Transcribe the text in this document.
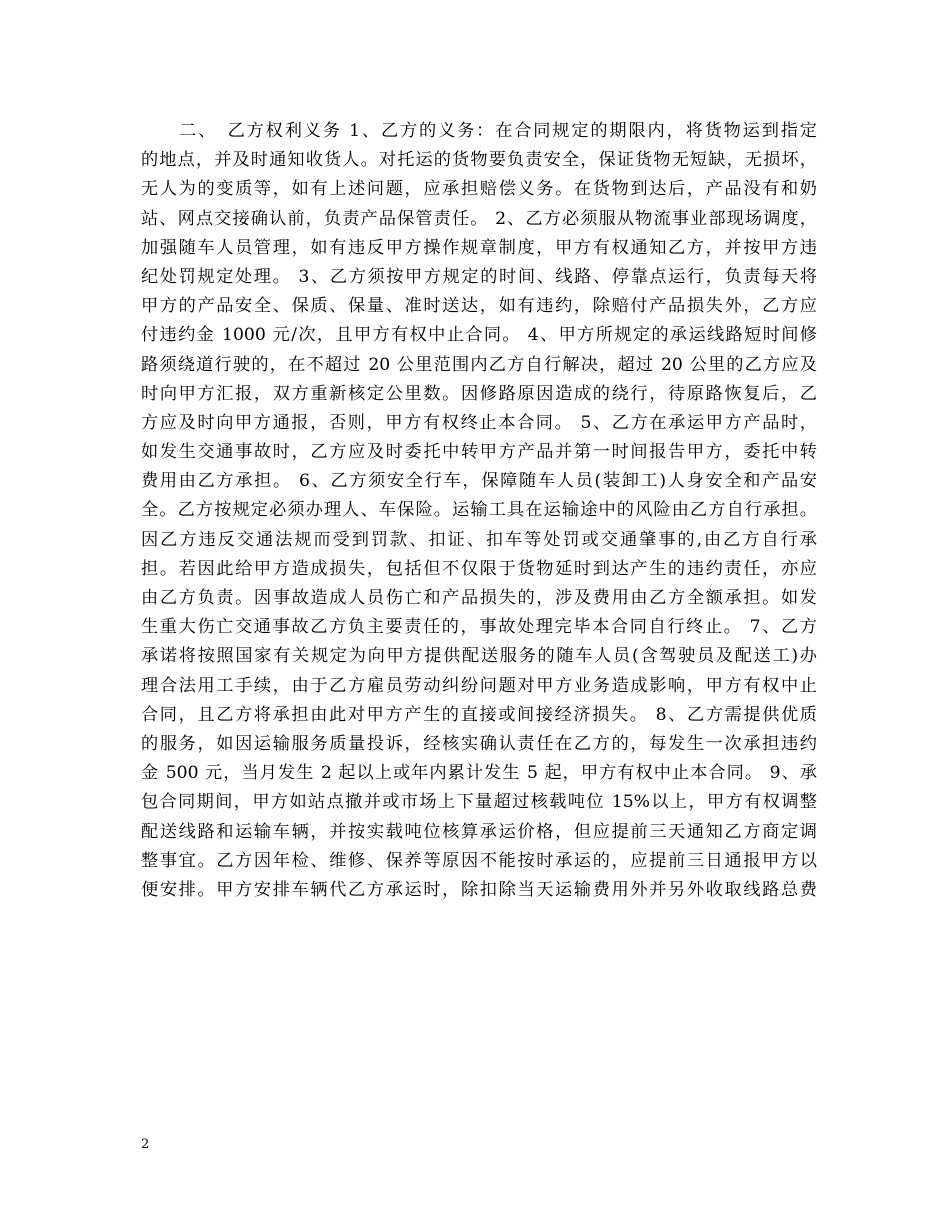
　　二、　乙方权利义务 1、乙方的义务：在合同规定的期限内，将货物运到指定
的地点，并及时通知收货人。对托运的货物要负责安全，保证货物无短缺，无损坏，
无人为的变质等，如有上述问题，应承担赔偿义务。在货物到达后，产品没有和奶
站、网点交接确认前，负责产品保管责任。 2、乙方必须服从物流事业部现场调度，
加强随车人员管理，如有违反甲方操作规章制度，甲方有权通知乙方，并按甲方违
纪处罚规定处理。 3、乙方须按甲方规定的时间、线路、停靠点运行，负责每天将
甲方的产品安全、保质、保量、准时送达，如有违约，除赔付产品损失外，乙方应
付违约金 1000 元/次，且甲方有权中止合同。 4、甲方所规定的承运线路短时间修
路须绕道行驶的，在不超过 20 公里范围内乙方自行解决，超过 20 公里的乙方应及
时向甲方汇报，双方重新核定公里数。因修路原因造成的绕行，待原路恢复后，乙
方应及时向甲方通报，否则，甲方有权终止本合同。 5、乙方在承运甲方产品时，
如发生交通事故时，乙方应及时委托中转甲方产品并第一时间报告甲方，委托中转
费用由乙方承担。 6、乙方须安全行车，保障随车人员(装卸工)人身安全和产品安
全。乙方按规定必须办理人、车保险。运输工具在运输途中的风险由乙方自行承担。
因乙方违反交通法规而受到罚款、扣证、扣车等处罚或交通肇事的,由乙方自行承
担。若因此给甲方造成损失，包括但不仅限于货物延时到达产生的违约责任，亦应
由乙方负责。因事故造成人员伤亡和产品损失的，涉及费用由乙方全额承担。如发
生重大伤亡交通事故乙方负主要责任的，事故处理完毕本合同自行终止。 7、乙方
承诺将按照国家有关规定为向甲方提供配送服务的随车人员(含驾驶员及配送工)办
理合法用工手续，由于乙方雇员劳动纠纷问题对甲方业务造成影响，甲方有权中止
合同，且乙方将承担由此对甲方产生的直接或间接经济损失。 8、乙方需提供优质
的服务，如因运输服务质量投诉，经核实确认责任在乙方的，每发生一次承担违约
金 500 元，当月发生 2 起以上或年内累计发生 5 起，甲方有权中止本合同。 9、承
包合同期间，甲方如站点撤并或市场上下量超过核载吨位 15%以上，甲方有权调整
配送线路和运输车辆，并按实载吨位核算承运价格，但应提前三天通知乙方商定调
整事宜。乙方因年检、维修、保养等原因不能按时承运的，应提前三日通报甲方以
便安排。甲方安排车辆代乙方承运时，除扣除当天运输费用外并另外收取线路总费
2
